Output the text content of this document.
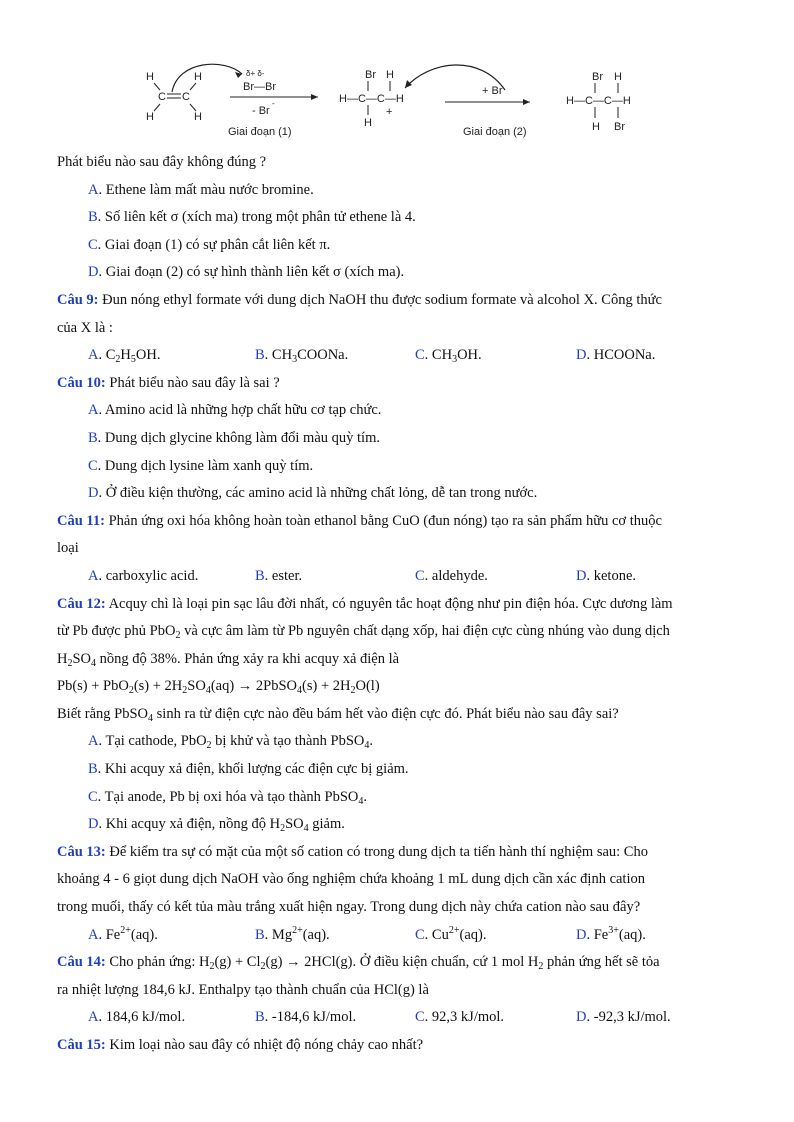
H	H
H	H
C C
δ+ δ-
Br—Br
- Br
-
Giai đoạn (1)
Br H
H—C—C—H
H
+
+ Br
Giai đoạn (2)
Br H
H—C—C—H
H Br
Phát biểu nào sau đây không đúng ?
A. Ethene làm mất màu nước bromine.
B. Số liên kết σ (xích ma) trong một phân tử ethene là 4.
C. Giai đoạn (1) có sự phân cắt liên kết π.
D. Giai đoạn (2) có sự hình thành liên kết σ (xích ma).
Câu 9: Đun nóng ethyl formate với dung dịch NaOH thu được sodium formate và alcohol X. Công thức
của X là :
A. $C_2H_5OH$.	B. $CH_3COONa$.	C. $CH_3OH$.	D. HCOONa.
Câu 10: Phát biểu nào sau đây là sai ?
A. Amino acid là những hợp chất hữu cơ tạp chức.
B. Dung dịch glycine không làm đổi màu quỳ tím.
C. Dung dịch lysine làm xanh quỳ tím.
D. Ở điều kiện thường, các amino acid là những chất lỏng, dễ tan trong nước.
Câu 11: Phản ứng oxi hóa không hoàn toàn ethanol bằng CuO (đun nóng) tạo ra sản phẩm hữu cơ thuộc
loại
A. carboxylic acid.	B. ester.	C. aldehyde.	D. ketone.
Câu 12: Acquy chì là loại pin sạc lâu đời nhất, có nguyên tắc hoạt động như pin điện hóa. Cực dương làm
từ Pb được phủ PbO$_2$ và cực âm làm từ Pb nguyên chất dạng xốp, hai điện cực cùng nhúng vào dung dịch
$H_2SO_4$ nồng độ 38%. Phản ứng xảy ra khi acquy xả điện là
$Pb(s) + PbO_2(s) + 2H_2SO_4(aq)$ → 2PbSO$_4$(s) + $2H_2O(l)$
Biết rằng PbSO$_4$ sinh ra từ điện cực nào đều bám hết vào điện cực đó. Phát biểu nào sau đây sai?
A. Tại cathode, PbO$_2$ bị khử và tạo thành PbSO$_4$.
B. Khi acquy xả điện, khối lượng các điện cực bị giảm.
C. Tại anode, Pb bị oxi hóa và tạo thành PbSO$_4$.
D. Khi acquy xả điện, nồng độ $H_2SO_4$ giảm.
Câu 13: Để kiểm tra sự có mặt của một số cation có trong dung dịch ta tiến hành thí nghiệm sau: Cho
khoảng 4 - 6 giọt dung dịch NaOH vào ống nghiệm chứa khoảng 1 mL dung dịch cần xác định cation
trong muối, thấy có kết tủa màu trắng xuất hiện ngay. Trong dung dịch này chứa cation nào sau đây?
A. $Fe^{2+}(aq)$.	B. $Mg^{2+}(aq)$.	C. $Cu^{2+}(aq)$.	D. $Fe^{3+}(aq)$.
Câu 14: Cho phản ứng: $H_2(g) + Cl_2(g) \to 2HCl(g)$. Ở điều kiện chuẩn, cứ 1 mol $H_2$ phản ứng hết sẽ tỏa
ra nhiệt lượng 184,6 kJ. Enthalpy tạo thành chuẩn của HCl(g) là
A. 184,6 kJ/mol.	B. -184,6 kJ/mol.	C. 92,3 kJ/mol.	D. -92,3 kJ/mol.
Câu 15: Kim loại nào sau đây có nhiệt độ nóng chảy cao nhất?
